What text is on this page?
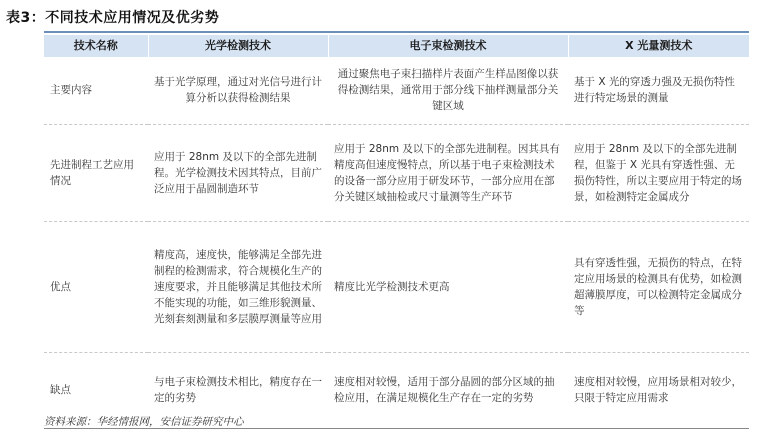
表3：不同技术应用情况及优劣势
技术名称	光学检测技术	电子束检测技术	X 光量测技术
主要内容	基于光学原理，通过对光信号进行计算分析以获得检测结果	通过聚焦电子束扫描样片表面产生样品图像以获得检测结果，通常用于部分线下抽样测量部分关键区域	基于 X 光的穿透力强及无损伤特性进行特定场景的测量
先进制程工艺应用情况	应用于 28nm 及以下的全部先进制程。光学检测技术因其特点，目前广泛应用于晶圆制造环节	应用于 28nm 及以下的全部先进制程。因其具有精度高但速度慢特点，所以基于电子束检测技术的设备一部分应用于研发环节，一部分应用在部分关键区域抽检或尺寸量测等生产环节	应用于 28nm 及以下的全部先进制程，但鉴于 X 光具有穿透性强、无损伤特性，所以主要应用于特定的场景，如检测特定金属成分
优点	精度高，速度快，能够满足全部先进制程的检测需求，符合规模化生产的速度要求，并且能够满足其他技术所不能实现的功能，如三维形貌测量、光刻套刻测量和多层膜厚测量等应用	精度比光学检测技术更高	具有穿透性强，无损伤的特点，在特定应用场景的检测具有优势，如检测超薄膜厚度，可以检测特定金属成分等
缺点	与电子束检测技术相比，精度存在一定的劣势	速度相对较慢，适用于部分晶圆的部分区域的抽检应用，在满足规模化生产存在一定的劣势	速度相对较慢，应用场景相对较少，只限于特定应用需求
资料来源：华经情报网，安信证券研究中心
